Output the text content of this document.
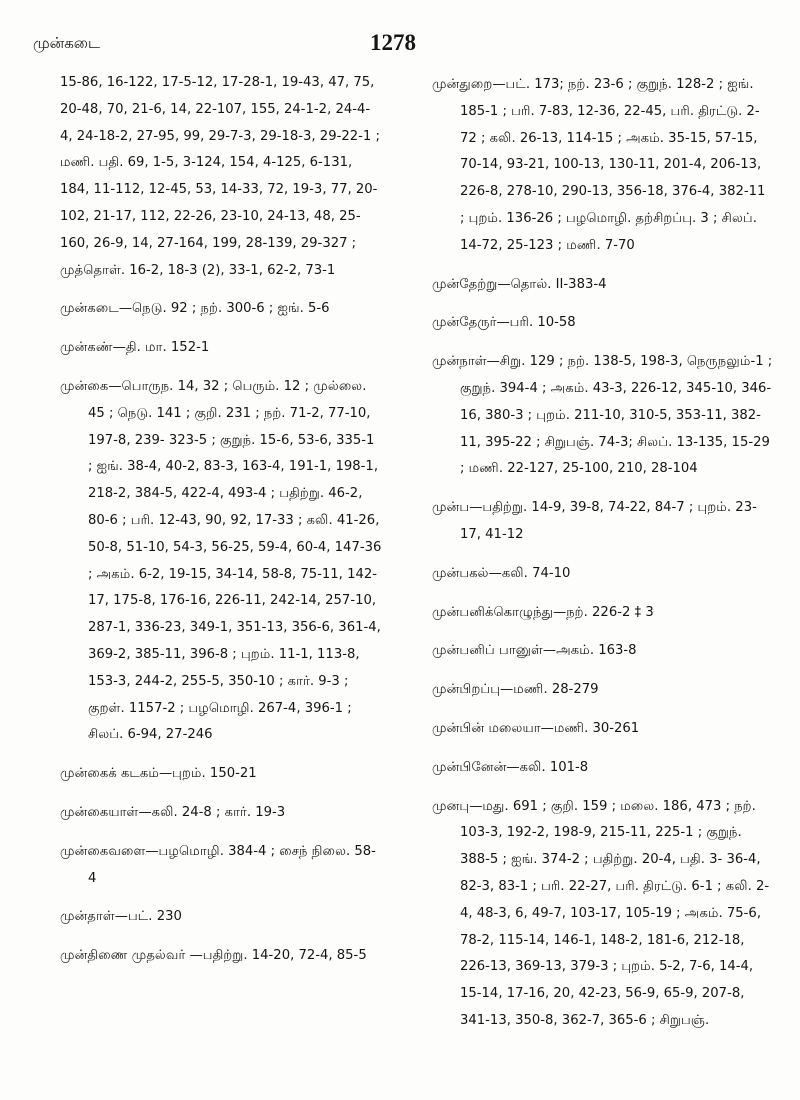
முன்கடை	1278

15-86, 16-122, 17-5-12, 17-28-1, 19-43, 47, 75, 20-48, 70, 21-6, 14, 22-107, 155, 24-1-2, 24-4-4, 24-18-2, 27-95, 99, 29-7-3, 29-18-3, 29-22-1 ; மணி. பதி. 69, 1-5, 3-124, 154, 4-125, 6-131, 184, 11-112, 12-45, 53, 14-33, 72, 19-3, 77, 20-102, 21-17, 112, 22-26, 23-10, 24-13, 48, 25-160, 26-9, 14, 27-164, 199, 28-139, 29-327 ; முத்தொள். 16-2, 18-3 (2), 33-1, 62-2, 73-1

முன்கடை—நெடு. 92 ; நற். 300-6 ; ஐங். 5-6

முன்கண்—தி. மா. 152-1

முன்கை—பொருந. 14, 32 ; பெரும். 12 ; முல்லை. 45 ; நெடு. 141 ; குறி. 231 ; நற். 71-2, 77-10, 197-8, 239- 323-5 ; குறுந். 15-6, 53-6, 335-1 ; ஐங். 38-4, 40-2, 83-3, 163-4, 191-1, 198-1, 218-2, 384-5, 422-4, 493-4 ; பதிற்று. 46-2, 80-6 ; பரி. 12-43, 90, 92, 17-33 ; கலி. 41-26, 50-8, 51-10, 54-3, 56-25, 59-4, 60-4, 147-36 ; அகம். 6-2, 19-15, 34-14, 58-8, 75-11, 142-17, 175-8, 176-16, 226-11, 242-14, 257-10, 287-1, 336-23, 349-1, 351-13, 356-6, 361-4, 369-2, 385-11, 396-8 ; புறம். 11-1, 113-8, 153-3, 244-2, 255-5, 350-10 ; கார். 9-3 ; குறள். 1157-2 ; பழமொழி. 267-4, 396-1 ; சிலப். 6-94, 27-246

முன்கைக் கடகம்—புறம். 150-21

முன்கையாள்—கலி. 24-8 ; கார். 19-3

முன்கைவளை—பழமொழி. 384-4 ; சைந் நிலை. 58-4

முன்தாள்—பட். 230

முன்திணை முதல்வர் —பதிற்று. 14-20, 72-4, 85-5

முன்துறை—பட். 173; நற். 23-6 ; குறுந். 128-2 ; ஐங். 185-1 ; பரி. 7-83, 12-36, 22-45, பரி. திரட்டு. 2-72 ; கலி. 26-13, 114-15 ; அகம். 35-15, 57-15, 70-14, 93-21, 100-13, 130-11, 201-4, 206-13, 226-8, 278-10, 290-13, 356-18, 376-4, 382-11 ; புறம். 136-26 ; பழமொழி. தற்சிறப்பு. 3 ; சிலப். 14-72, 25-123 ; மணி. 7-70

முன்தேற்று—தொல். II-383-4

முன்தேருர்—பரி. 10-58

முன்நாள்—சிறு. 129 ; நற். 138-5, 198-3, நெருநலும்-1 ; குறுந். 394-4 ; அகம். 43-3, 226-12, 345-10, 346-16, 380-3 ; புறம். 211-10, 310-5, 353-11, 382-11, 395-22 ; சிறுபஞ். 74-3; சிலப். 13-135, 15-29 ; மணி. 22-127, 25-100, 210, 28-104

முன்ப—பதிற்று. 14-9, 39-8, 74-22, 84-7 ; புறம். 23-17, 41-12

முன்பகல்—கலி. 74-10

முன்பனிக்கொழுந்து—நற். 226-2 ‡ 3

முன்பனிப் பானுள்—அகம். 163-8

முன்பிறப்பு—மணி. 28-279

முன்பின் மலையா—மணி. 30-261

முன்பினேன்—கலி. 101-8

முனபு—மது. 691 ; குறி. 159 ; மலை. 186, 473 ; நற். 103-3, 192-2, 198-9, 215-11, 225-1 ; குறுந். 388-5 ; ஐங். 374-2 ; பதிற்று. 20-4, பதி. 3- 36-4, 82-3, 83-1 ; பரி. 22-27, பரி. திரட்டு. 6-1 ; கலி. 2-4, 48-3, 6, 49-7, 103-17, 105-19 ; அகம். 75-6, 78-2, 115-14, 146-1, 148-2, 181-6, 212-18, 226-13, 369-13, 379-3 ; புறம். 5-2, 7-6, 14-4, 15-14, 17-16, 20, 42-23, 56-9, 65-9, 207-8, 341-13, 350-8, 362-7, 365-6 ; சிறுபஞ்.
